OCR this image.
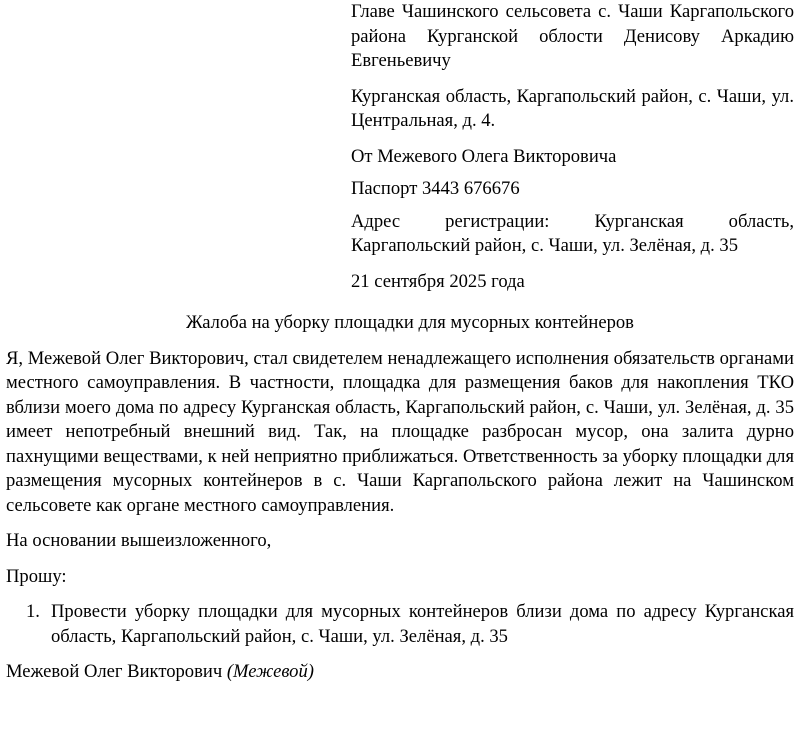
Главе Чашинского сельсовета с. Чаши Каргапольского района Курганской облости Денисову Аркадию Евгеньевичу

Курганская область, Каргапольский район, с. Чаши, ул. Центральная, д. 4.

От Межевого Олега Викторовича

Паспорт 3443 676676

Адрес регистрации: Курганская область, Каргапольский район, с. Чаши, ул. Зелёная, д. 35

21 сентября 2025 года

Жалоба на уборку площадки для мусорных контейнеров

Я, Межевой Олег Викторович, стал свидетелем ненадлежащего исполнения обязательств органами местного самоуправления. В частности, площадка для размещения баков для накопления ТКО вблизи моего дома по адресу Курганская область, Каргапольский район, с. Чаши, ул. Зелёная, д. 35 имеет непотребный внешний вид. Так, на площадке разбросан мусор, она залита дурно пахнущими веществами, к ней неприятно приближаться. Ответственность за уборку площадки для размещения мусорных контейнеров в с. Чаши Каргапольского района лежит на Чашинском сельсовете как органе местного самоуправления.

На основании вышеизложенного,

Прошу:

1. Провести уборку площадки для мусорных контейнеров близи дома по адресу Курганская область, Каргапольский район, с. Чаши, ул. Зелёная, д. 35

Межевой Олег Викторович (Межевой)
